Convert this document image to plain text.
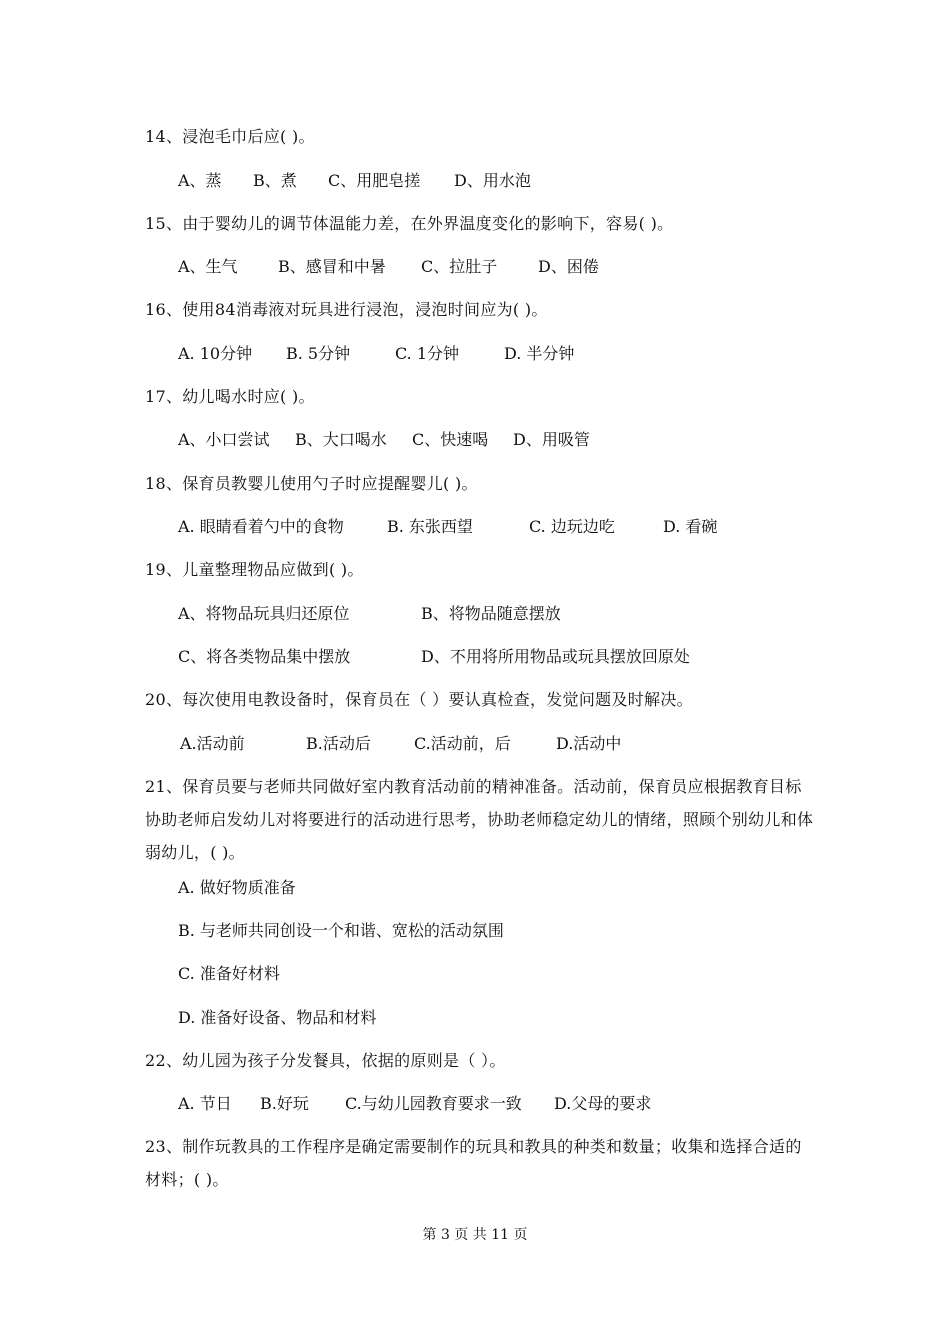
14、浸泡毛巾后应( )。
A、蒸 B、煮 C、用肥皂搓 D、用水泡
15、由于婴幼儿的调节体温能力差，在外界温度变化的影响下，容易( )。
A、生气	B、感冒和中暑 C、拉肚子	D、困倦
16、使用84消毒液对玩具进行浸泡，浸泡时间应为( )。
A. 10分钟 B. 5分钟	C. 1分钟	D. 半分钟
17、幼儿喝水时应( )。
A、小口尝试 B、大口喝水 C、快速喝 D、用吸管
18、保育员教婴儿使用勺子时应提醒婴儿( )。
A. 眼睛看着勺中的食物	B. 东张西望	C. 边玩边吃	D. 看碗
19、儿童整理物品应做到( )。
A、将物品玩具归还原位	B、将物品随意摆放
C、将各类物品集中摆放	D、不用将所用物品或玩具摆放回原处
20、每次使用电教设备时，保育员在（ ）要认真检查，发觉问题及时解决。
A.活动前	B.活动后	C.活动前，后	D.活动中
21、保育员要与老师共同做好室内教育活动前的精神准备。活动前，保育员应根据教育目标协助老师启发幼儿对将要进行的活动进行思考，协助老师稳定幼儿的情绪，照顾个别幼儿和体弱幼儿，( )。
A. 做好物质准备
B. 与老师共同创设一个和谐、宽松的活动氛围
C. 准备好材料
D. 准备好设备、物品和材料
22、幼儿园为孩子分发餐具，依据的原则是（ ）。
A. 节日 B.好玩 C.与幼儿园教育要求一致 D.父母的要求
23、制作玩教具的工作程序是确定需要制作的玩具和教具的种类和数量；收集和选择合适的材料；( )。
第 3 页 共 11 页
